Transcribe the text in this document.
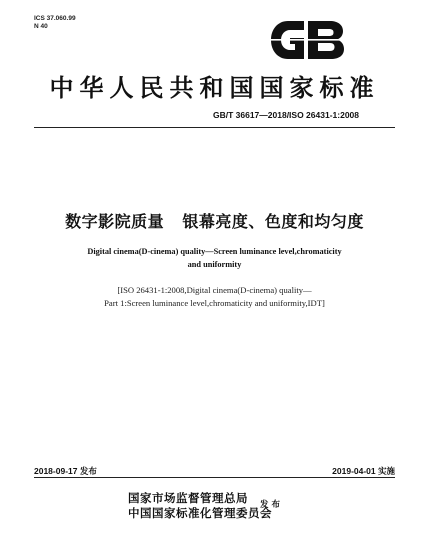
ICS 37.060.99
N 40
中华人民共和国国家标准
GB/T 36617—2018/ISO 26431-1:2008
数字影院质量   银幕亮度、色度和均匀度
Digital cinema(D-cinema) quality—Screen luminance level,chromaticity
and uniformity
[ISO 26431-1:2008,Digital cinema(D-cinema) quality—
Part 1:Screen luminance level,chromaticity and uniformity,IDT]
2018-09-17 发布	2019-04-01 实施
国家市场监督管理总局
中国国家标准化管理委员会
发布
